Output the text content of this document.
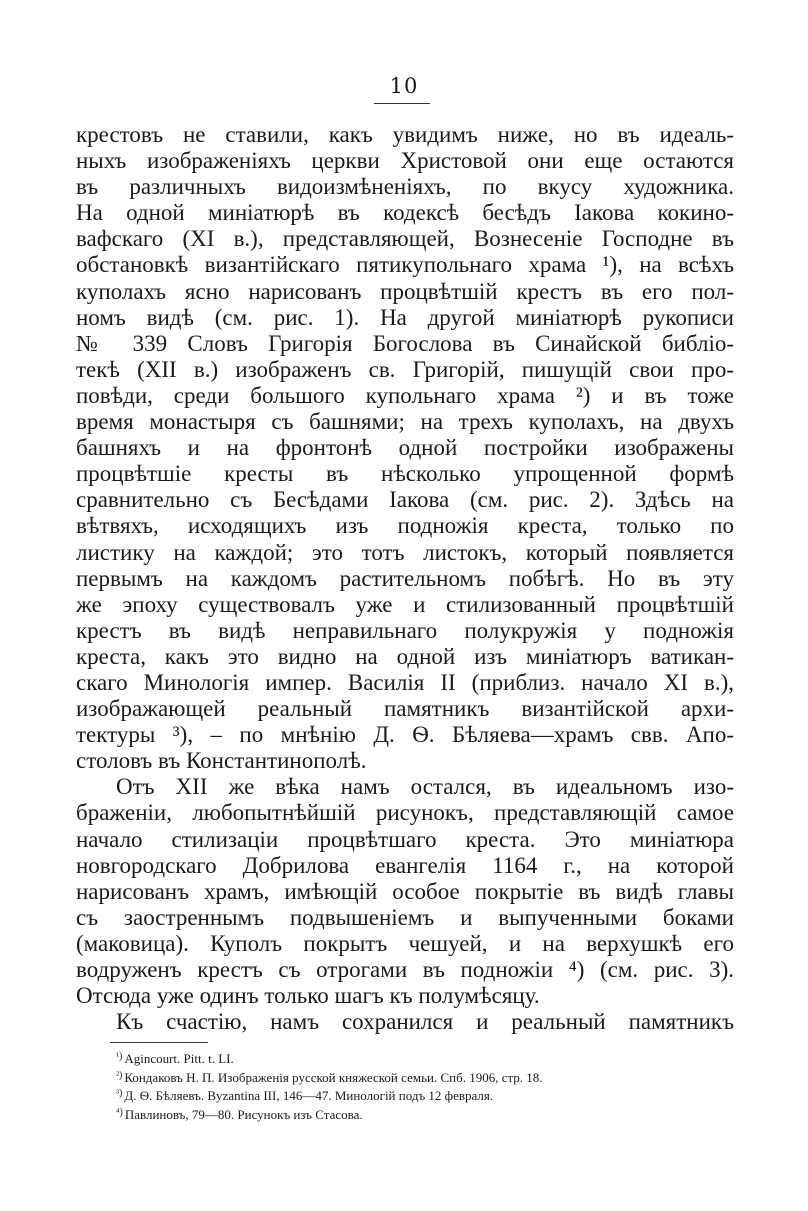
10
крестовъ не ставили, какъ увидимъ ниже, но въ идеаль-
ныхъ изображеніяхъ церкви Христовой они еще остаются
въ различныхъ видоизмѣненіяхъ, по вкусу художника.
На одной миніатюрѣ въ кодексѣ бесѣдъ Іакова кокино-
вафскаго (XI в.), представляющей, Вознесеніе Господне въ
обстановкѣ византійскаго пятикупольнаго храма ¹), на всѣхъ
куполахъ ясно нарисованъ процвѣтшій крестъ въ его пол-
номъ видѣ (см. рис. 1). На другой миніатюрѣ рукописи
№ 339 Словъ Григорія Богослова въ Синайской библіо-
текѣ (XII в.) изображенъ св. Григорій, пишущій свои про-
повѣди, среди большого купольнаго храма ²) и въ тоже
время монастыря съ башнями; на трехъ куполахъ, на двухъ
башняхъ и на фронтонѣ одной постройки изображены
процвѣтшіе кресты въ нѣсколько упрощенной формѣ
сравнительно съ Бесѣдами Іакова (см. рис. 2). Здѣсь на
вѣтвяхъ, исходящихъ изъ подножія креста, только по
листику на каждой; это тотъ листокъ, который появляется
первымъ на каждомъ растительномъ побѣгѣ. Но въ эту
же эпоху существовалъ уже и стилизованный процвѣтшій
крестъ въ видѣ неправильнаго полукружія у подножія
креста, какъ это видно на одной изъ миніатюръ ватикан-
скаго Минологія импер. Василія II (приблиз. начало XI в.),
изображающей реальный памятникъ византійской архи-
тектуры ³), – по мнѣнію Д. Ѳ. Бѣляева—храмъ свв. Апо-
столовъ въ Константинополѣ.
Отъ XII же вѣка намъ остался, въ идеальномъ изо-
браженіи, любопытнѣйшій рисунокъ, представляющій самое
начало стилизаціи процвѣтшаго креста. Это миніатюра
новгородскаго Добрилова евангелія 1164 г., на которой
нарисованъ храмъ, имѣющій особое покрытіе въ видѣ главы
съ заостреннымъ подвышеніемъ и выпученными боками
(маковица). Куполъ покрытъ чешуей, и на верхушкѣ его
водруженъ крестъ съ отрогами въ подножіи ⁴) (см. рис. 3).
Отсюда уже одинъ только шагъ къ полумѣсяцу.
Къ счастію, намъ сохранился и реальный памятникъ
$^{^1)}$ Agincourt. Pitt. t. LI.
$^{^2)}$ Кондаковъ Н. П. Изображенія русской княжеской семьи. Спб. 1906, стр. 18.
$^{^3)}$ Д. Ѳ. Бѣляевъ. Byzantina III, 146—47. Минологій подъ 12 февраля.
$^{^4)}$ Павлиновъ, 79—80. Рисунокъ изъ Стасова.
